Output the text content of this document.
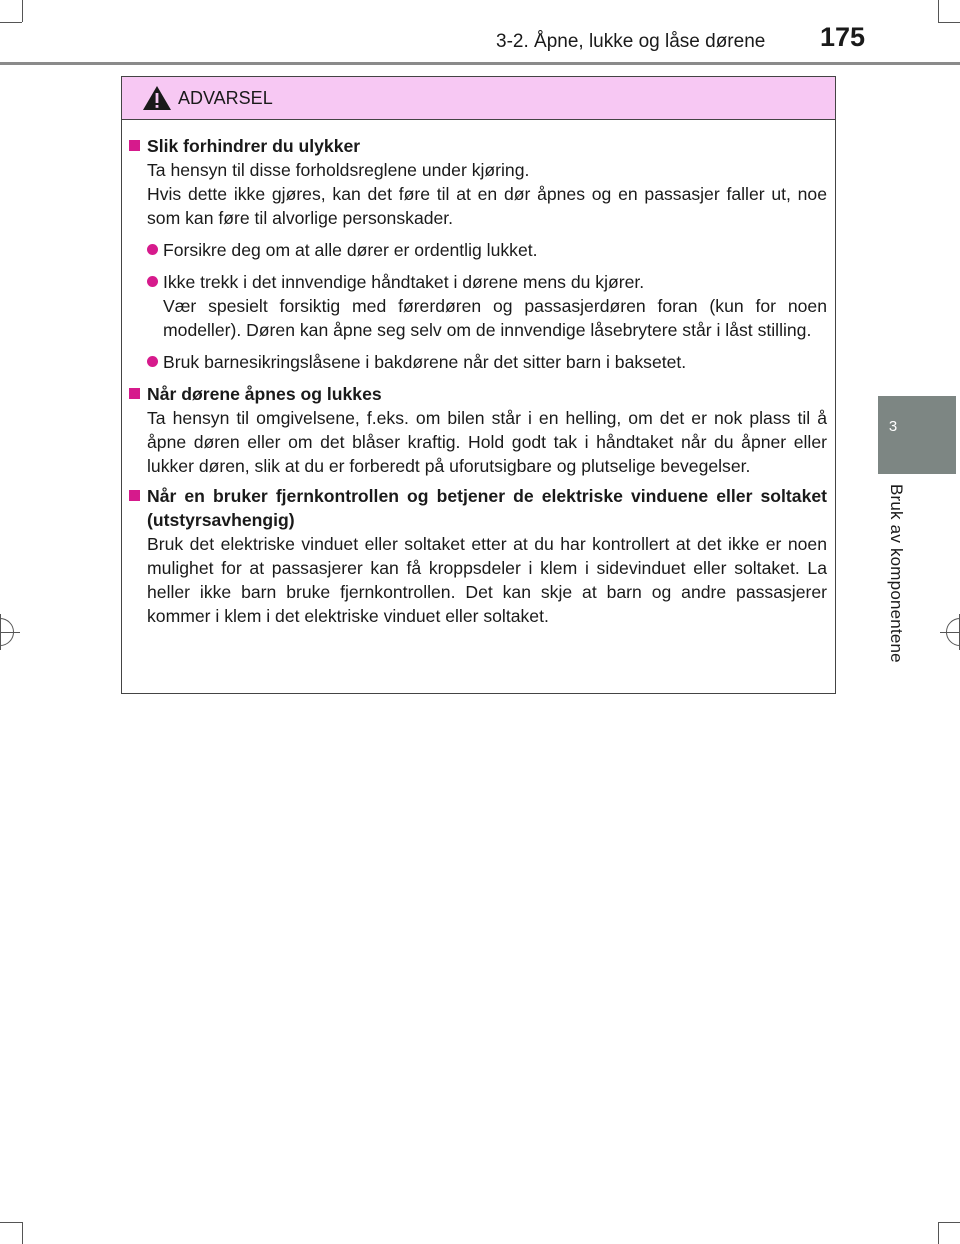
3-2. Åpne, lukke og låse dørene 175
3
Bruk av komponentene
ADVARSEL
Slik forhindrer du ulykker
Ta hensyn til disse forholdsreglene under kjøring.
Hvis dette ikke gjøres, kan det føre til at en dør åpnes og en passasjer faller ut, noe som kan føre til alvorlige personskader.
Forsikre deg om at alle dører er ordentlig lukket.
Ikke trekk i det innvendige håndtaket i dørene mens du kjører.
Vær spesielt forsiktig med førerdøren og passasjerdøren foran (kun for noen modeller). Døren kan åpne seg selv om de innvendige låsebrytere står i låst stilling.
Bruk barnesikringslåsene i bakdørene når det sitter barn i baksetet.
Når dørene åpnes og lukkes
Ta hensyn til omgivelsene, f.eks. om bilen står i en helling, om det er nok plass til å åpne døren eller om det blåser kraftig. Hold godt tak i håndtaket når du åpner eller lukker døren, slik at du er forberedt på uforutsigbare og plutselige bevegelser.
Når en bruker fjernkontrollen og betjener de elektriske vinduene eller soltaket (utstyrsavhengig)
Bruk det elektriske vinduet eller soltaket etter at du har kontrollert at det ikke er noen mulighet for at passasjerer kan få kroppsdeler i klem i sidevinduet eller soltaket. La heller ikke barn bruke fjernkontrollen. Det kan skje at barn og andre passasjerer kommer i klem i det elektriske vinduet eller soltaket.
